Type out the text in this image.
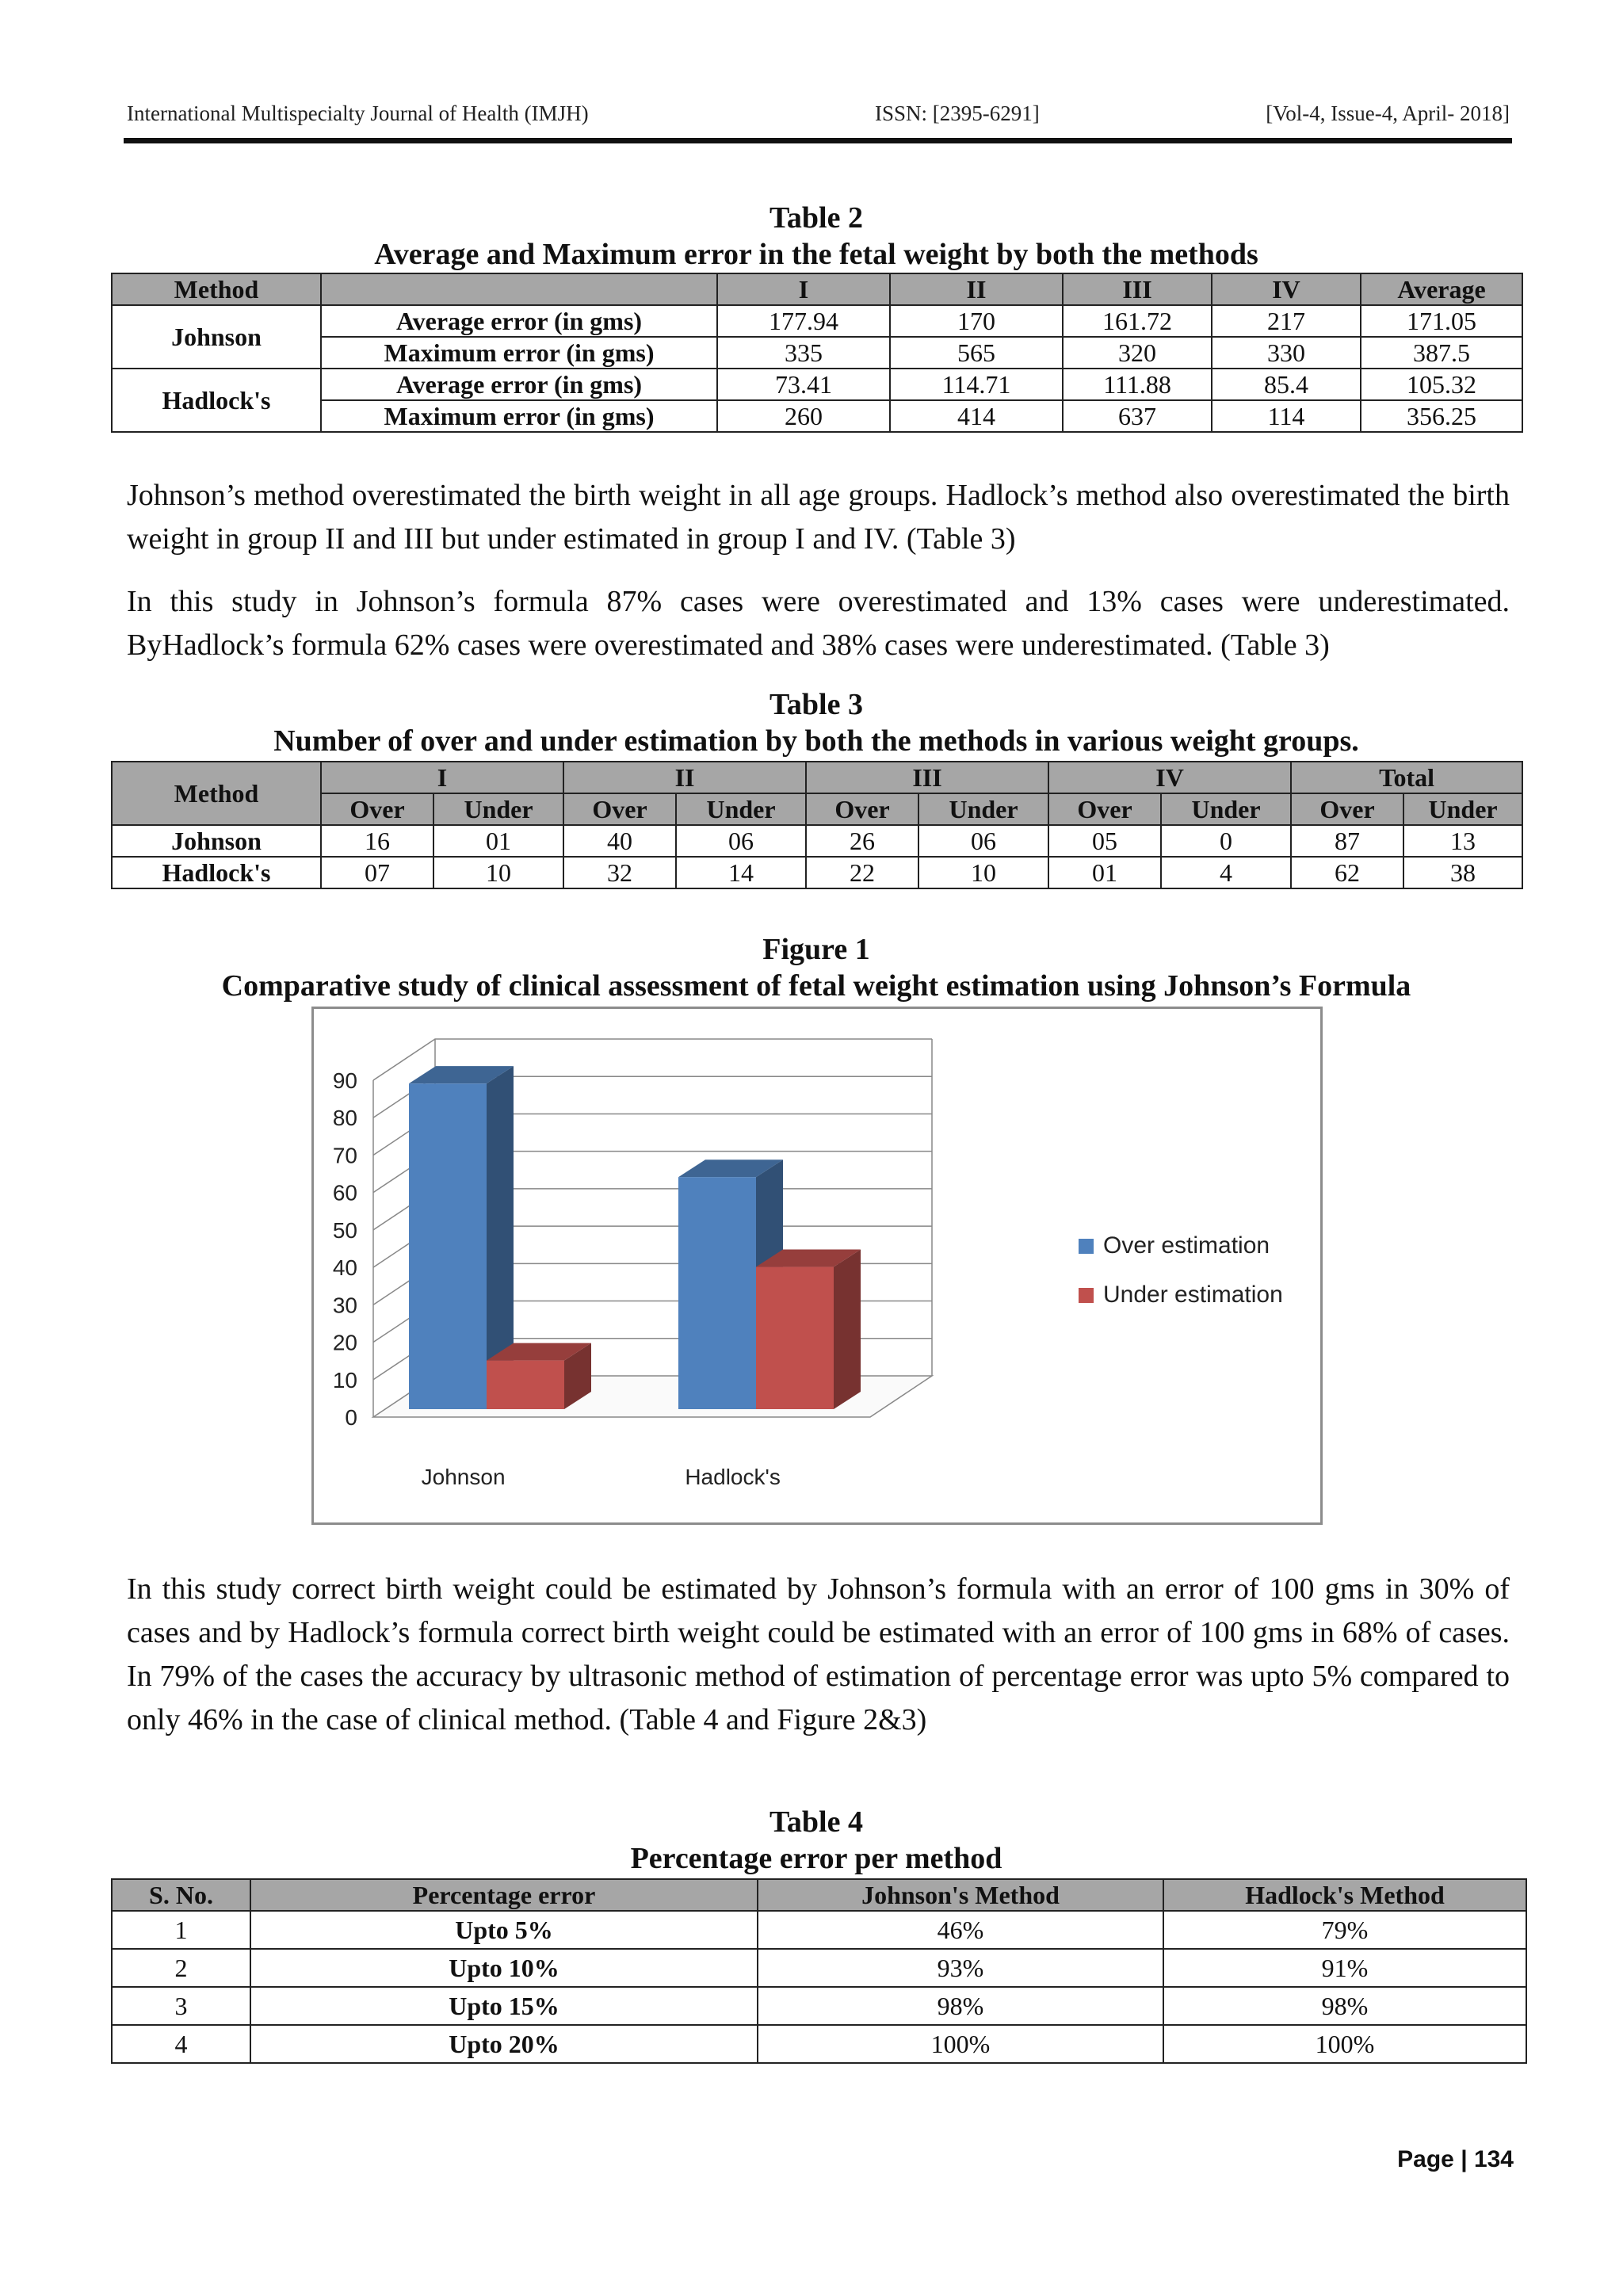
International Multispecialty Journal of Health (IMJH)	ISSN: [2395-6291]	[Vol-4, Issue-4, April- 2018]
Table 2
Average and Maximum error in the fetal weight by both the methods
Method		I	II	III	IV	Average
Johnson	Average error (in gms)	177.94	170	161.72	217	171.05
	Maximum error (in gms)	335	565	320	330	387.5
Hadlock's	Average error (in gms)	73.41	114.71	111.88	85.4	105.32
	Maximum error (in gms)	260	414	637	114	356.25

Johnson’s method overestimated the birth weight in all age groups. Hadlock’s method also overestimated the birth weight in group II and III but under estimated in group I and IV. (Table 3)

In this study in Johnson’s formula 87% cases were overestimated and 13% cases were underestimated. ByHadlock’s formula 62% cases were overestimated and 38% cases were underestimated. (Table 3)

Table 3
Number of over and under estimation by both the methods in various weight groups.
Method	I		II		III		IV		Total	
	Over	Under	Over	Under	Over	Under	Over	Under	Over	Under
Johnson	16	01	40	06	26	06	05	0	87	13
Hadlock's	07	10	32	14	22	10	01	4	62	38
Figure 1
Comparative study of clinical assessment of fetal weight estimation using Johnson’s Formula
0
10
20
30
40
50
60
70
80
90
Johnson	Hadlock's
Over estimation
Under estimation

In this study correct birth weight could be estimated by Johnson’s formula with an error of 100 gms in 30% of cases and by Hadlock’s formula correct birth weight could be estimated with an error of 100 gms in 68% of cases. In 79% of the cases the accuracy by ultrasonic method of estimation of percentage error was upto 5% compared to only 46% in the case of clinical method. (Table 4 and Figure 2&3)

Table 4
Percentage error per method
S. No.	Percentage error	Johnson's Method	Hadlock's Method
1	Upto 5%	46%	79%
2	Upto 10%	93%	91%
3	Upto 15%	98%	98%
4	Upto 20%	100%	100%
Page | 134
